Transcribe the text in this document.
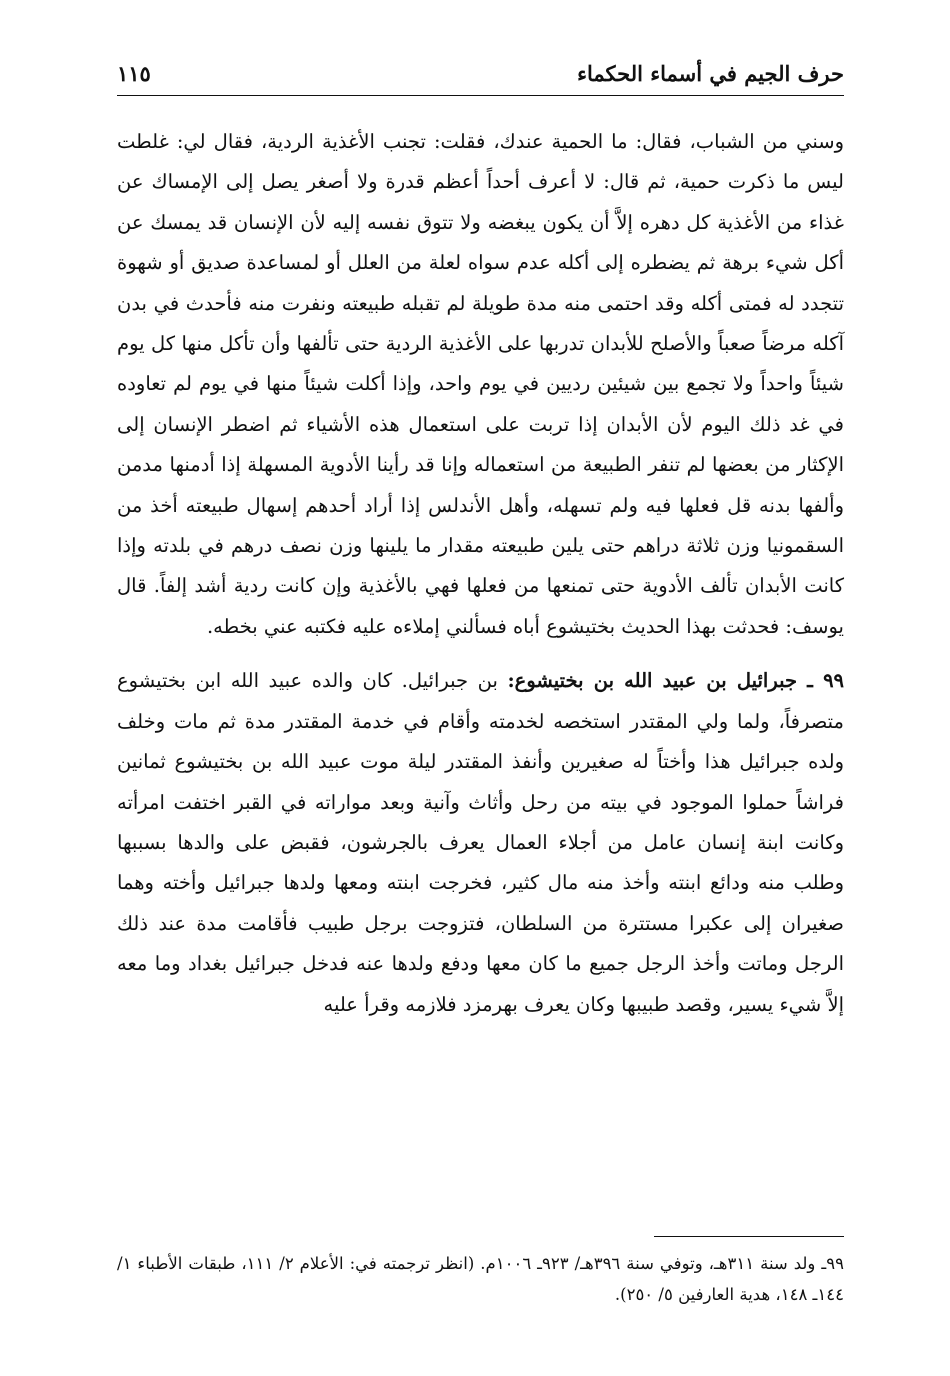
حرف الجيم في أسماء الحكماء
١١٥

وسني من الشباب، فقال: ما الحمية عندك، فقلت: تجنب الأغذية الردية، فقال لي: غلطت ليس ما ذكرت حمية، ثم قال: لا أعرف أحداً أعظم قدرة ولا أصغر يصل إلى الإمساك عن غذاء من الأغذية كل دهره إلاَّ أن يكون يبغضه ولا تتوق نفسه إليه لأن الإنسان قد يمسك عن أكل شيء برهة ثم يضطره إلى أكله عدم سواه لعلة من العلل أو لمساعدة صديق أو شهوة تتجدد له فمتى أكله وقد احتمى منه مدة طويلة لم تقبله طبيعته ونفرت منه فأحدث في بدن آكله مرضاً صعباً والأصلح للأبدان تدربها على الأغذية الردية حتى تألفها وأن تأكل منها كل يوم شيئاً واحداً ولا تجمع بين شيئين رديين في يوم واحد، وإذا أكلت شيئاً منها في يوم لم تعاوده في غد ذلك اليوم لأن الأبدان إذا تربت على استعمال هذه الأشياء ثم اضطر الإنسان إلى الإكثار من بعضها لم تنفر الطبيعة من استعماله وإنا قد رأينا الأدوية المسهلة إذا أدمنها مدمن وألفها بدنه قل فعلها فيه ولم تسهله، وأهل الأندلس إذا أراد أحدهم إسهال طبيعته أخذ من السقمونيا وزن ثلاثة دراهم حتى يلين طبيعته مقدار ما يلينها وزن نصف درهم في بلدته وإذا كانت الأبدان تألف الأدوية حتى تمنعها من فعلها فهي بالأغذية وإن كانت ردية أشد إلفاً. قال يوسف: فحدثت بهذا الحديث بختيشوع أباه فسألني إملاءه عليه فكتبه عني بخطه.

٩٩ ـ جبرائيل بن عبيد الله بن بختيشوع: بن جبرائيل. كان والده عبيد الله ابن بختيشوع متصرفاً، ولما ولي المقتدر استخصه لخدمته وأقام في خدمة المقتدر مدة ثم مات وخلف ولده جبرائيل هذا وأختاً له صغيرين وأنفذ المقتدر ليلة موت عبيد الله بن بختيشوع ثمانين فراشاً حملوا الموجود في بيته من رحل وأثاث وآنية وبعد مواراته في القبر اختفت امرأته وكانت ابنة إنسان عامل من أجلاء العمال يعرف بالجرشون، فقبض على والدها بسببها وطلب منه ودائع ابنته وأخذ منه مال كثير، فخرجت ابنته ومعها ولدها جبرائيل وأخته وهما صغيران إلى عكبرا مستترة من السلطان، فتزوجت برجل طبيب فأقامت مدة عند ذلك الرجل وماتت وأخذ الرجل جميع ما كان معها ودفع ولدها عنه فدخل جبرائيل بغداد وما معه إلاَّ شيء يسير، وقصد طبيبها وكان يعرف بهرمزد فلازمه وقرأ عليه

٩٩ـ ولد سنة ٣١١هـ، وتوفي سنة ٣٩٦هـ/ ٩٢٣ـ ١٠٠٦م. (انظر ترجمته في: الأعلام ٢/ ١١١، طبقات الأطباء ١/ ١٤٤ـ ١٤٨، هدية العارفين ٥/ ٢٥٠).
